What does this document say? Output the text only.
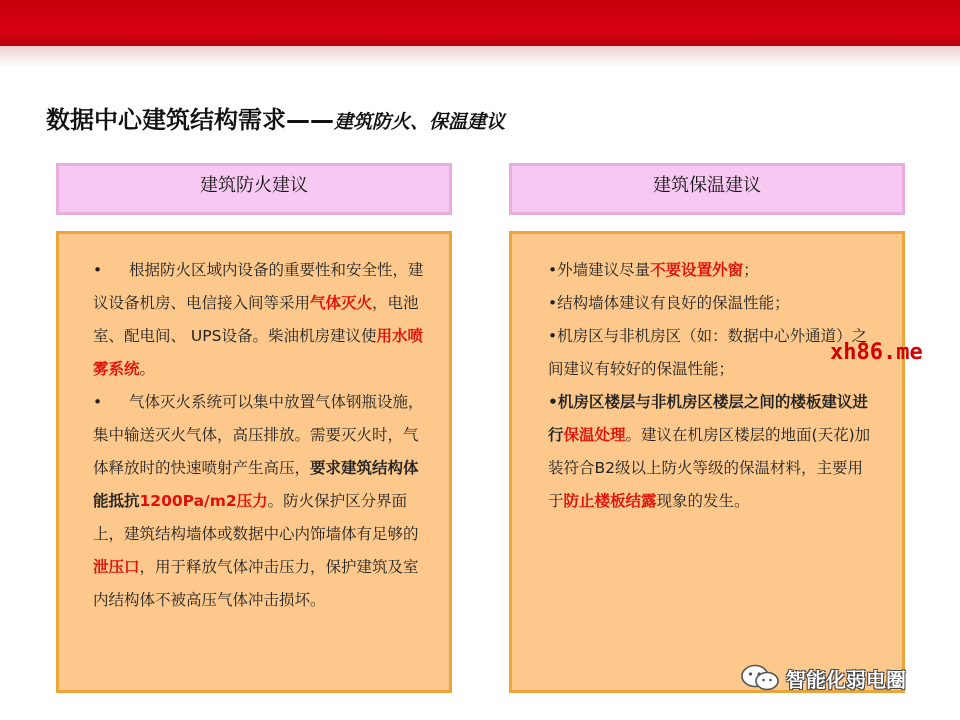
数据中心建筑结构需求——建筑防火、保温建议
建筑防火建议	建筑保温建议

• 根据防火区域内设备的重要性和安全性，建议设备机房、电信接入间等采用气体灭火，电池室、配电间、 UPS设备。柴油机房建议使用水喷雾系统。

• 气体灭火系统可以集中放置气体钢瓶设施，集中输送灭火气体，高压排放。需要灭火时，气体释放时的快速喷射产生高压，要求建筑结构体能抵抗1200Pa/m2压力。防火保护区分界面上，建筑结构墙体或数据中心内饰墙体有足够的泄压口，用于释放气体冲击压力，保护建筑及室内结构体不被高压气体冲击损坏。

•外墙建议尽量不要设置外窗；

•结构墙体建议有良好的保温性能；

•机房区与非机房区（如：数据中心外通道）之间建议有较好的保温性能；

•机房区楼层与非机房区楼层之间的楼板建议进行保温处理。建议在机房区楼层的地面(天花)加装符合B2级以上防火等级的保温材料，主要用于防止楼板结露现象的发生。

xh86.me
智能化弱电圈
